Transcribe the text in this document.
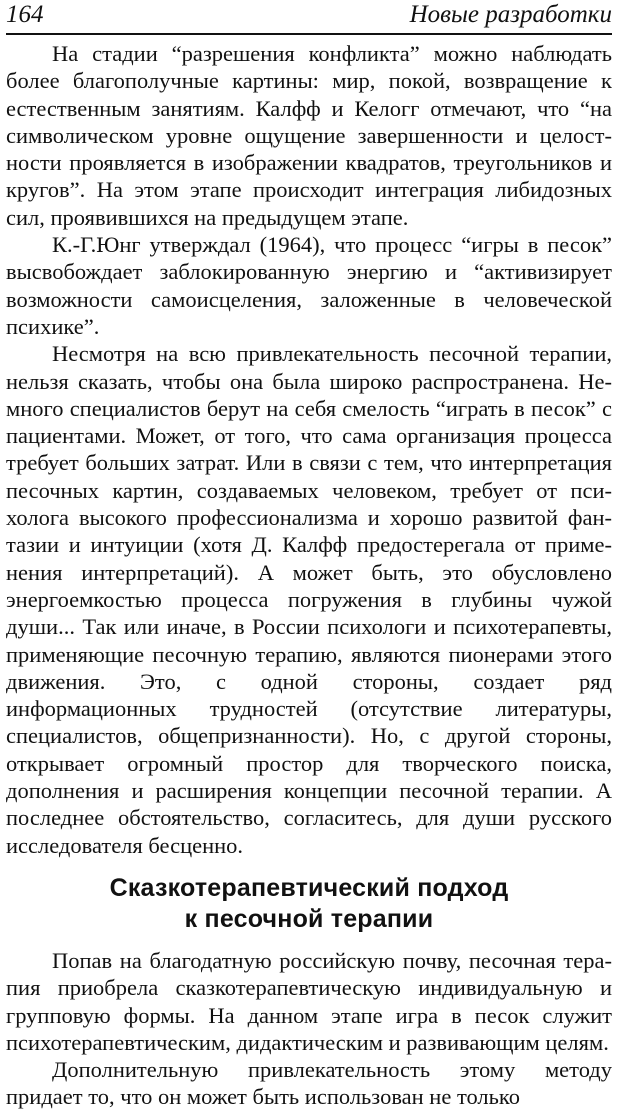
164	Новые разработки

На стадии “разрешения конфликта” можно наблюдать более благополучные картины: мир, покой, возвращение к естественным занятиям. Калфф и Келогг отмечают, что “на символическом уровне ощущение завершенности и целостности проявляется в изображении квадратов, треугольников и кругов”. На этом этапе происходит интеграция либидозных сил, проявившихся на предыдущем этапе.

К.-Г.Юнг утверждал (1964), что процесс “игры в песок” высвобождает заблокированную энергию и “активизирует возможности самоисцеления, заложенные в человеческой психике”.

Несмотря на всю привлекательность песочной терапии, нельзя сказать, чтобы она была широко распространена. Немного специалистов берут на себя смелость “играть в песок” с пациентами. Может, от того, что сама организация процесса требует больших затрат. Или в связи с тем, что интерпретация песочных картин, создаваемых человеком, требует от психолога высокого профессионализма и хорошо развитой фантазии и интуиции (хотя Д. Калфф предостерегала от применения интерпретаций). А может быть, это обусловлено энергоемкостью процесса погружения в глубины чужой души... Так или иначе, в России психологи и психотерапевты, применяющие песочную терапию, являются пионерами этого движения. Это, с одной стороны, создает ряд информационных трудностей (отсутствие литературы, специалистов, общепризнанности). Но, с другой стороны, открывает огромный простор для творческого поиска, дополнения и расширения концепции песочной терапии. А последнее обстоятельство, согласитесь, для души русского исследователя бесценно.

Сказкотерапевтический подход
к песочной терапии

Попав на благодатную российскую почву, песочная терапия приобрела сказкотерапевтическую индивидуальную и групповую формы. На данном этапе игра в песок служит психотерапевтическим, дидактическим и развивающим целям.

Дополнительную привлекательность этому методу придает то, что он может быть использован не только
